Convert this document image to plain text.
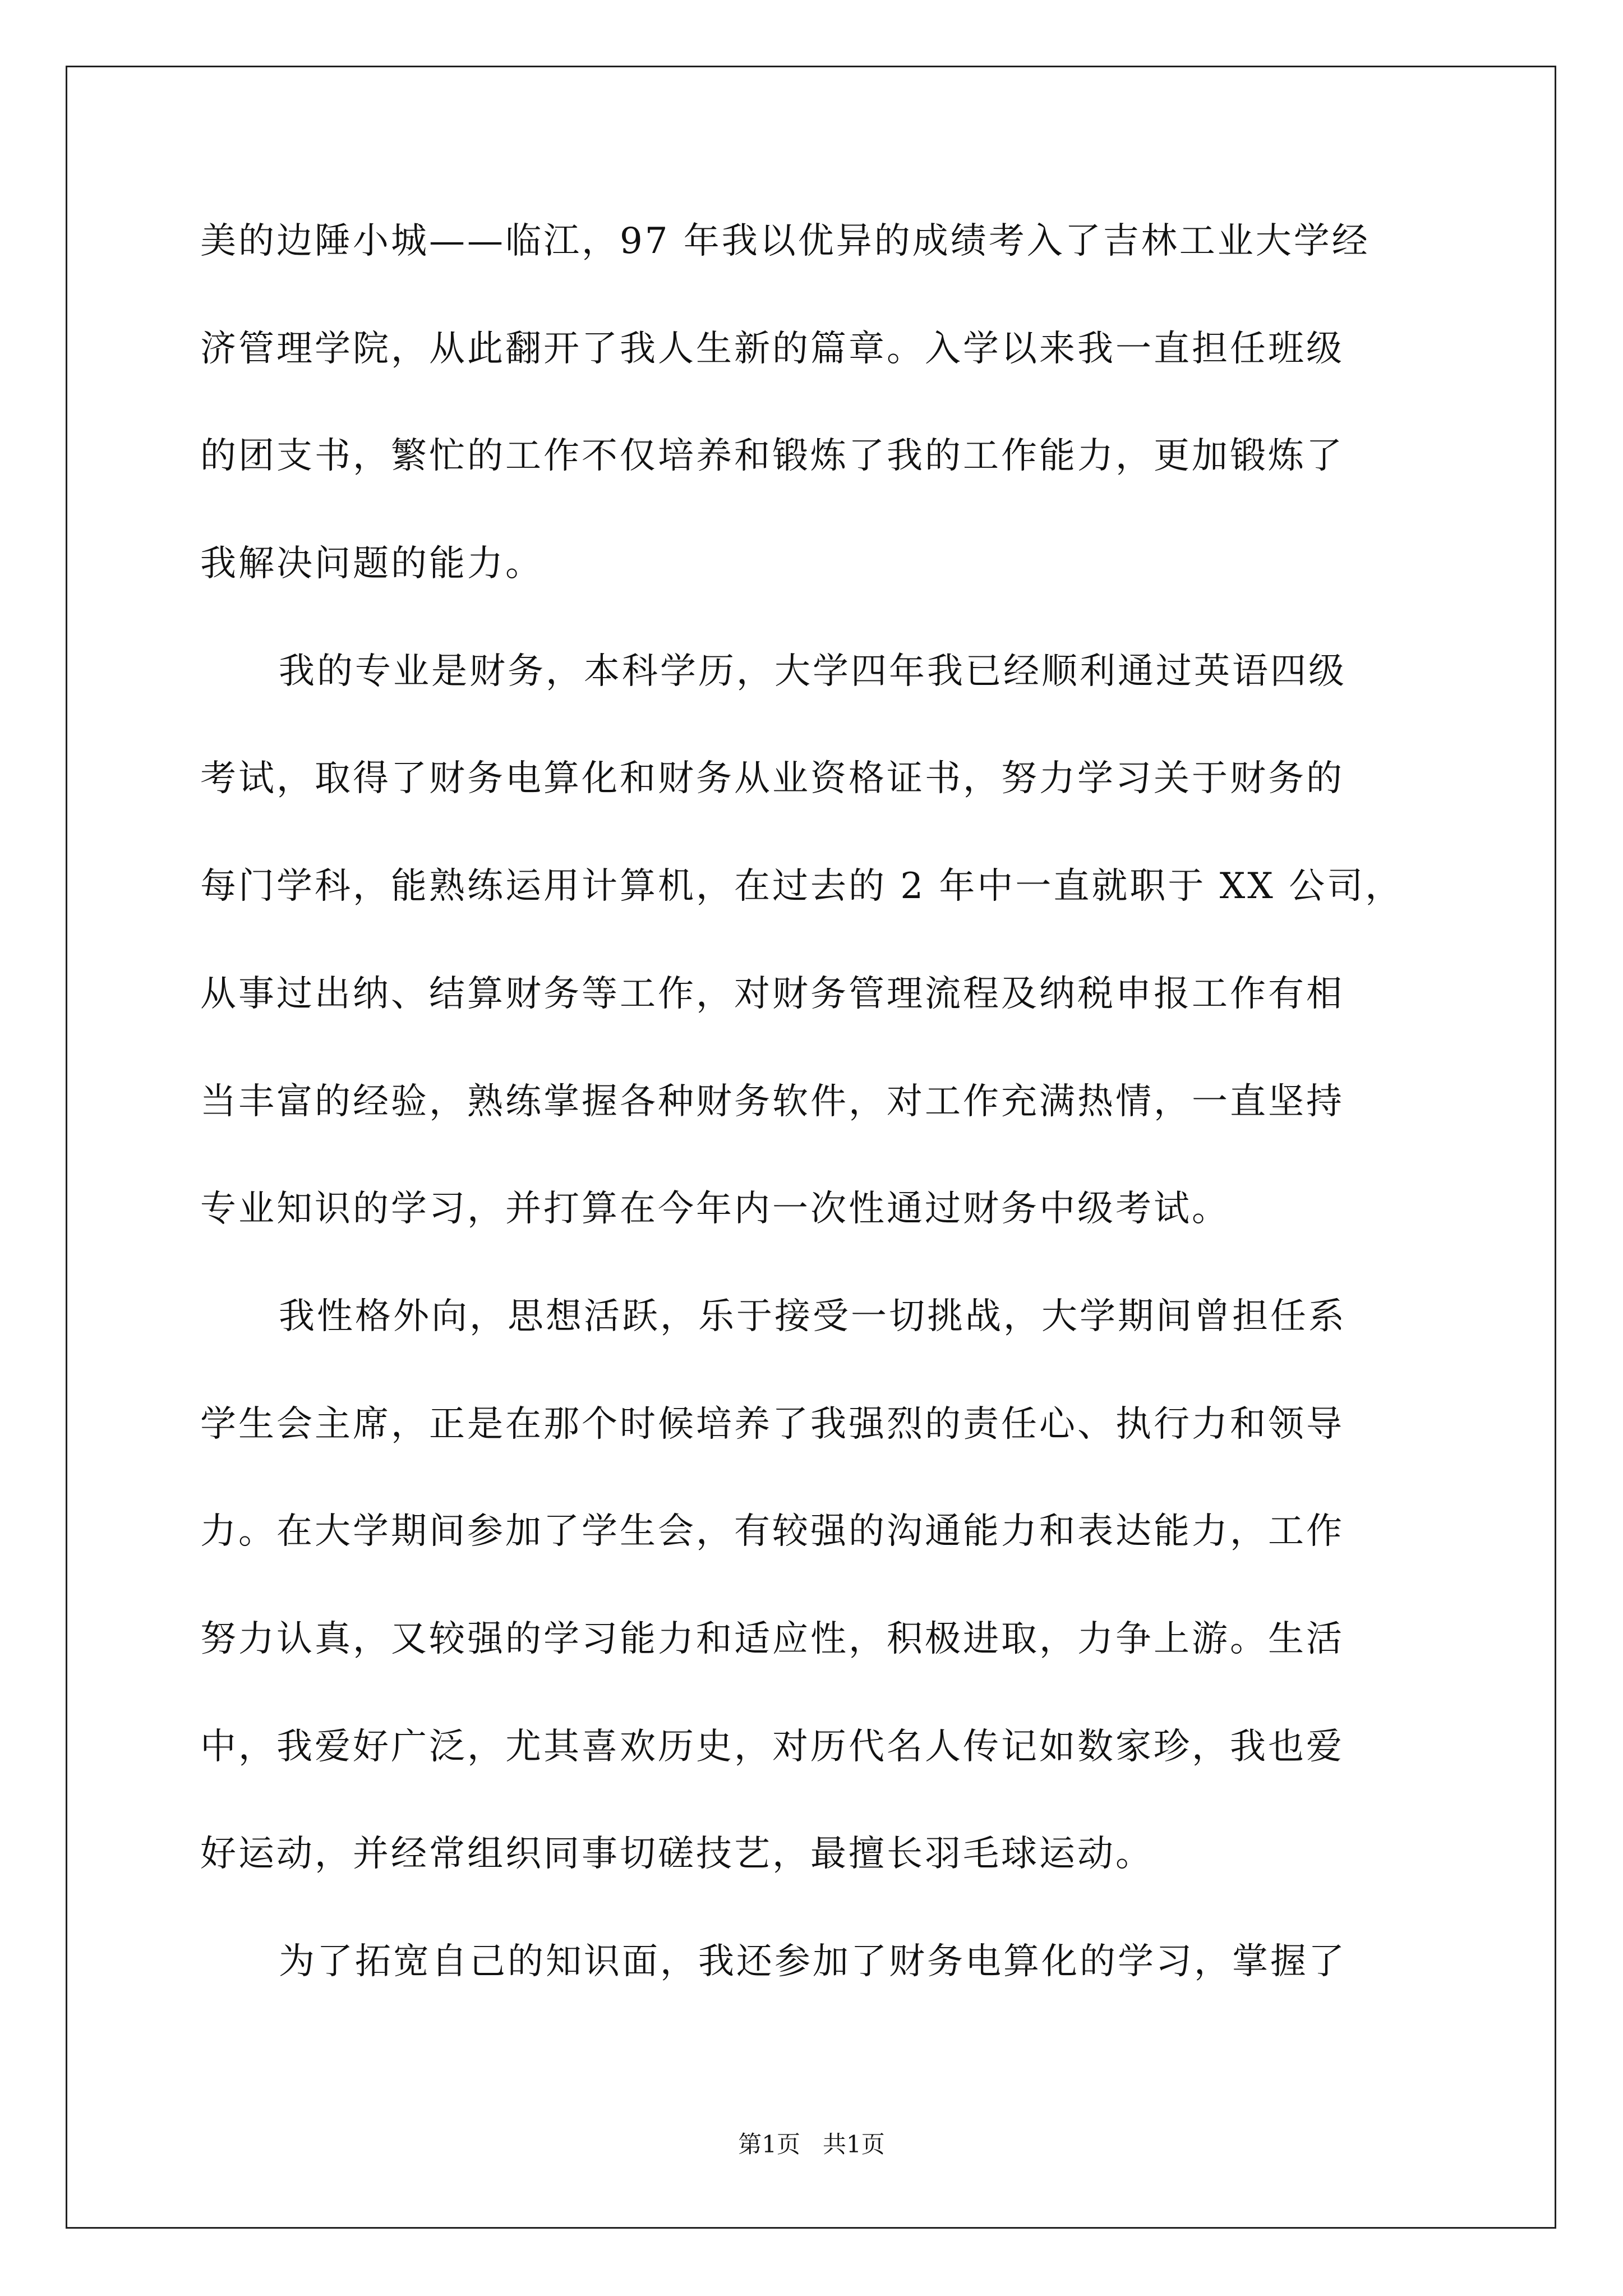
美的边陲小城——临江，97 年我以优异的成绩考入了吉林工业大学经
济管理学院，从此翻开了我人生新的篇章。入学以来我一直担任班级
的团支书，繁忙的工作不仅培养和锻炼了我的工作能力，更加锻炼了
我解决问题的能力。
我的专业是财务，本科学历，大学四年我已经顺利通过英语四级
考试，取得了财务电算化和财务从业资格证书，努力学习关于财务的
每门学科，能熟练运用计算机，在过去的 2 年中一直就职于 XX 公司，
从事过出纳、结算财务等工作，对财务管理流程及纳税申报工作有相
当丰富的经验，熟练掌握各种财务软件，对工作充满热情，一直坚持
专业知识的学习，并打算在今年内一次性通过财务中级考试。
我性格外向，思想活跃，乐于接受一切挑战，大学期间曾担任系
学生会主席，正是在那个时候培养了我强烈的责任心、执行力和领导
力。在大学期间参加了学生会，有较强的沟通能力和表达能力，工作
努力认真，又较强的学习能力和适应性，积极进取，力争上游。生活
中，我爱好广泛，尤其喜欢历史，对历代名人传记如数家珍，我也爱
好运动，并经常组织同事切磋技艺，最擅长羽毛球运动。
为了拓宽自己的知识面，我还参加了财务电算化的学习，掌握了
第1页   共1页
